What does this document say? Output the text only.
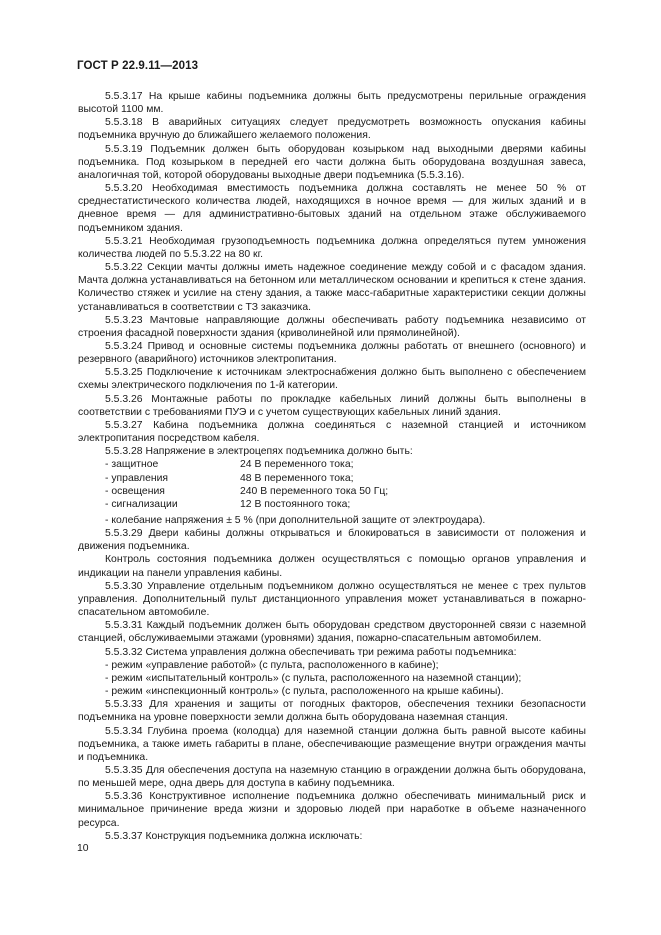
ГОСТ Р 22.9.11—2013

5.5.3.17 На крыше кабины подъемника должны быть предусмотрены перильные ограждения высотой 1100 мм.

5.5.3.18 В аварийных ситуациях следует предусмотреть возможность опускания кабины подъемника вручную до ближайшего желаемого положения.

5.5.3.19 Подъемник должен быть оборудован козырьком над выходными дверями кабины подъемника. Под козырьком в передней его части должна быть оборудована воздушная завеса, аналогичная той, которой оборудованы выходные двери подъемника (5.5.3.16).

5.5.3.20 Необходимая вместимость подъемника должна составлять не менее 50 % от среднестатистического количества людей, находящихся в ночное время — для жилых зданий и в дневное время — для административно-бытовых зданий на отдельном этаже обслуживаемого подъемником здания.

5.5.3.21 Необходимая грузоподъемность подъемника должна определяться путем умножения количества людей по 5.5.3.22 на 80 кг.

5.5.3.22 Секции мачты должны иметь надежное соединение между собой и с фасадом здания. Мачта должна устанавливаться на бетонном или металлическом основании и крепиться к стене здания. Количество стяжек и усилие на стену здания, а также масс-габаритные характеристики секции должны устанавливаться в соответствии с ТЗ заказчика.

5.5.3.23 Мачтовые направляющие должны обеспечивать работу подъемника независимо от строения фасадной поверхности здания (криволинейной или прямолинейной).

5.5.3.24 Привод и основные системы подъемника должны работать от внешнего (основного) и резервного (аварийного) источников электропитания.

5.5.3.25 Подключение к источникам электроснабжения должно быть выполнено с обеспечением схемы электрического подключения по 1-й категории.

5.5.3.26 Монтажные работы по прокладке кабельных линий должны быть выполнены в соответствии с требованиями ПУЭ и с учетом существующих кабельных линий здания.

5.5.3.27 Кабина подъемника должна соединяться с наземной станцией и источником электропитания посредством кабеля.

5.5.3.28 Напряжение в электроцепях подъемника должно быть:

- защитное	24 В переменного тока;
- управления	48 В переменного тока;
- освещения	240 В переменного тока 50 Гц;
- сигнализации	12 В постоянного тока;
- колебание напряжения ± 5 % (при дополнительной защите от электроудара).

5.5.3.29 Двери кабины должны открываться и блокироваться в зависимости от положения и движения подъемника.

Контроль состояния подъемника должен осуществляться с помощью органов управления и индикации на панели управления кабины.

5.5.3.30 Управление отдельным подъемником должно осуществляться не менее с трех пультов управления. Дополнительный пульт дистанционного управления может устанавливаться в пожарно-спасательном автомобиле.

5.5.3.31 Каждый подъемник должен быть оборудован средством двусторонней связи с наземной станцией, обслуживаемыми этажами (уровнями) здания, пожарно-спасательным автомобилем.

5.5.3.32 Система управления должна обеспечивать три режима работы подъемника:

- режим «управление работой» (с пульта, расположенного в кабине);
- режим «испытательный контроль» (с пульта, расположенного на наземной станции);
- режим «инспекционный контроль» (с пульта, расположенного на крыше кабины).

5.5.3.33 Для хранения и защиты от погодных факторов, обеспечения техники безопасности подъемника на уровне поверхности земли должна быть оборудована наземная станция.

5.5.3.34 Глубина проема (колодца) для наземной станции должна быть равной высоте кабины подъемника, а также иметь габариты в плане, обеспечивающие размещение внутри ограждения мачты и подъемника.

5.5.3.35 Для обеспечения доступа на наземную станцию в ограждении должна быть оборудована, по меньшей мере, одна дверь для доступа в кабину подъемника.

5.5.3.36 Конструктивное исполнение подъемника должно обеспечивать минимальный риск и минимальное причинение вреда жизни и здоровью людей при наработке в объеме назначенного ресурса.

5.5.3.37 Конструкция подъемника должна исключать:

10
